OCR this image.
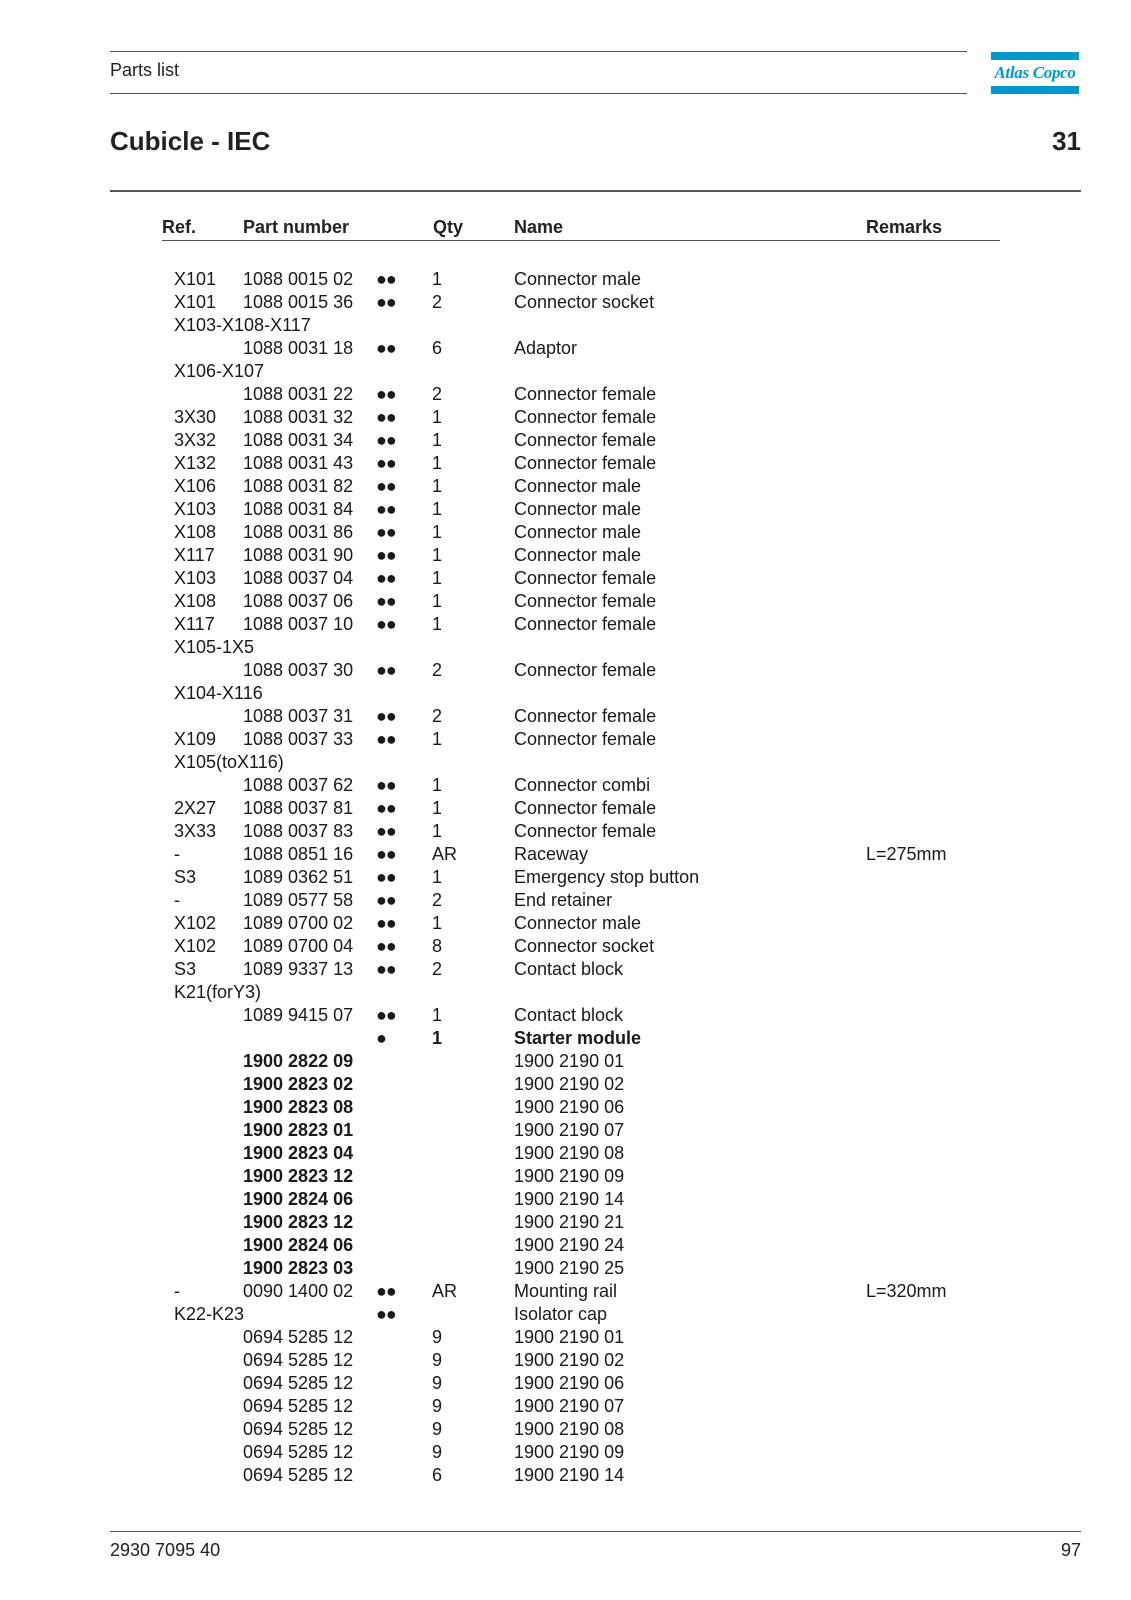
Parts list	Atlas Copco
Cubicle - IEC	31
Ref.	Part number	Qty	Name	Remarks
X101 1088 0015 02 ●● 1	Connector male
X101 1088 0015 36 ●● 2	Connector socket
X103-X108-X117
1088 0031 18 ●● 6	Adaptor
X106-X107
1088 0031 22 ●● 2	Connector female
3X30 1088 0031 32 ●● 1	Connector female
3X32 1088 0031 34 ●● 1	Connector female
X132 1088 0031 43 ●● 1	Connector female
X106 1088 0031 82 ●● 1	Connector male
X103 1088 0031 84 ●● 1	Connector male
X108 1088 0031 86 ●● 1	Connector male
X117 1088 0031 90 ●● 1	Connector male
X103 1088 0037 04 ●● 1	Connector female
X108 1088 0037 06 ●● 1	Connector female
X117 1088 0037 10 ●● 1	Connector female
X105-1X5
1088 0037 30 ●● 2	Connector female
X104-X116
1088 0037 31 ●● 2	Connector female
X109 1088 0037 33 ●● 1	Connector female
X105(toX116)
1088 0037 62 ●● 1	Connector combi
2X27 1088 0037 81 ●● 1	Connector female
3X33 1088 0037 83 ●● 1	Connector female
-	1088 0851 16 ●● AR	Raceway	L=275mm
S3	1089 0362 51 ●● 1	Emergency stop button
-	1089 0577 58 ●● 2	End retainer
X102 1089 0700 02 ●● 1	Connector male
X102 1089 0700 04 ●● 8	Connector socket
S3	1089 9337 13 ●● 2	Contact block
K21(forY3)
1089 9415 07 ●● 1	Contact block
●	1	Starter module
1900 2822 09	1900 2190 01
1900 2823 02	1900 2190 02
1900 2823 08	1900 2190 06
1900 2823 01	1900 2190 07
1900 2823 04	1900 2190 08
1900 2823 12	1900 2190 09
1900 2824 06	1900 2190 14
1900 2823 12	1900 2190 21
1900 2824 06	1900 2190 24
1900 2823 03	1900 2190 25
-	0090 1400 02 ●● AR	Mounting rail	L=320mm
K22-K23	●●	Isolator cap
0694 5285 12	9	1900 2190 01
0694 5285 12	9	1900 2190 02
0694 5285 12	9	1900 2190 06
0694 5285 12	9	1900 2190 07
0694 5285 12	9	1900 2190 08
0694 5285 12	9	1900 2190 09
0694 5285 12	6	1900 2190 14
2930 7095 40	97
